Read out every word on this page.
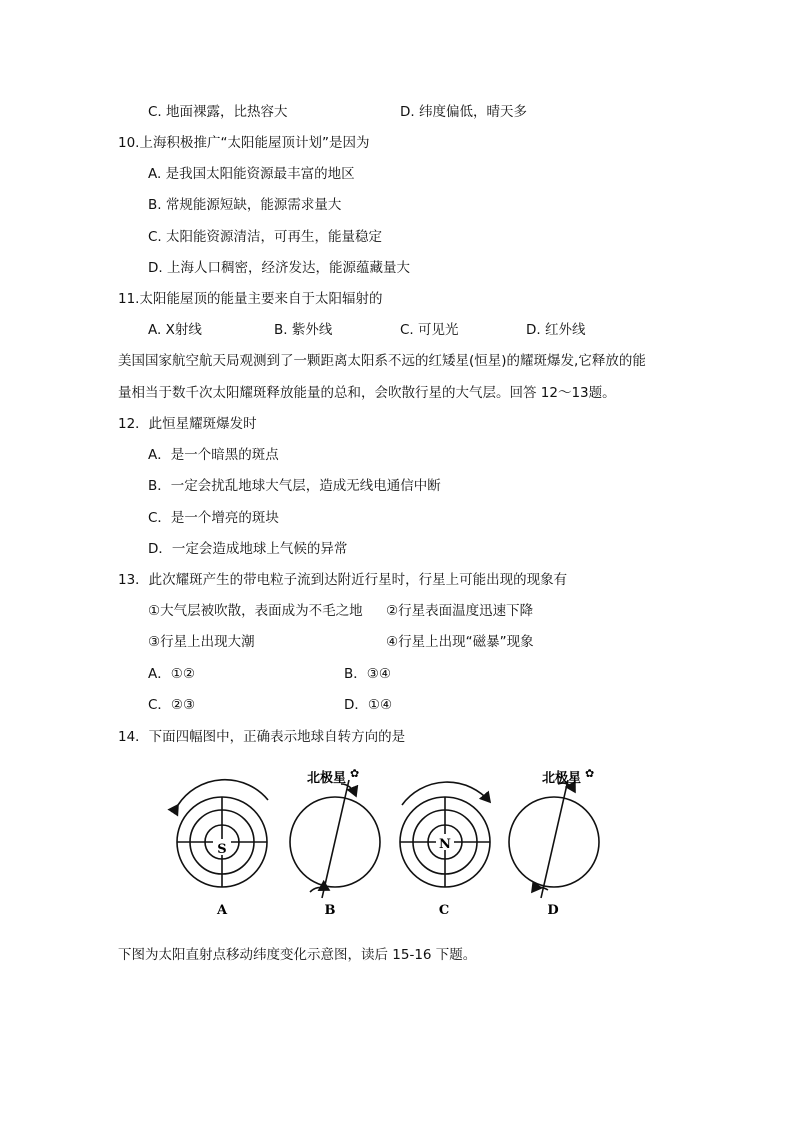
C. 地面裸露，比热容大	D. 纬度偏低，晴天多
10.上海积极推广“太阳能屋顶计划”是因为
A. 是我国太阳能资源最丰富的地区
B. 常规能源短缺，能源需求量大
C. 太阳能资源清洁，可再生，能量稳定
D. 上海人口稠密，经济发达，能源蕴藏量大
11.太阳能屋顶的能量主要来自于太阳辐射的
A. X射线	B. 紫外线	C. 可见光	D. 红外线
美国国家航空航天局观测到了一颗距离太阳系不远的红矮星(恒星)的耀斑爆发,它释放的能
量相当于数千次太阳耀斑释放能量的总和，会吹散行星的大气层。回答 12～13题。
12．此恒星耀斑爆发时
A．是一个暗黑的斑点
B．一定会扰乱地球大气层，造成无线电通信中断
C．是一个增亮的斑块
D．一定会造成地球上气候的异常
13．此次耀斑产生的带电粒子流到达附近行星时，行星上可能出现的现象有
①大气层被吹散，表面成为不毛之地 ②行星表面温度迅速下降
③行星上出现大潮	④行星上出现“磁暴”现象
A．①②	B．③④
C．②③	D．①④
14．下面四幅图中，正确表示地球自转方向的是
S
北极星 ✿
N
北极星 ✿
A	B	C	D
下图为太阳直射点移动纬度变化示意图，读后 15-16 下题。
